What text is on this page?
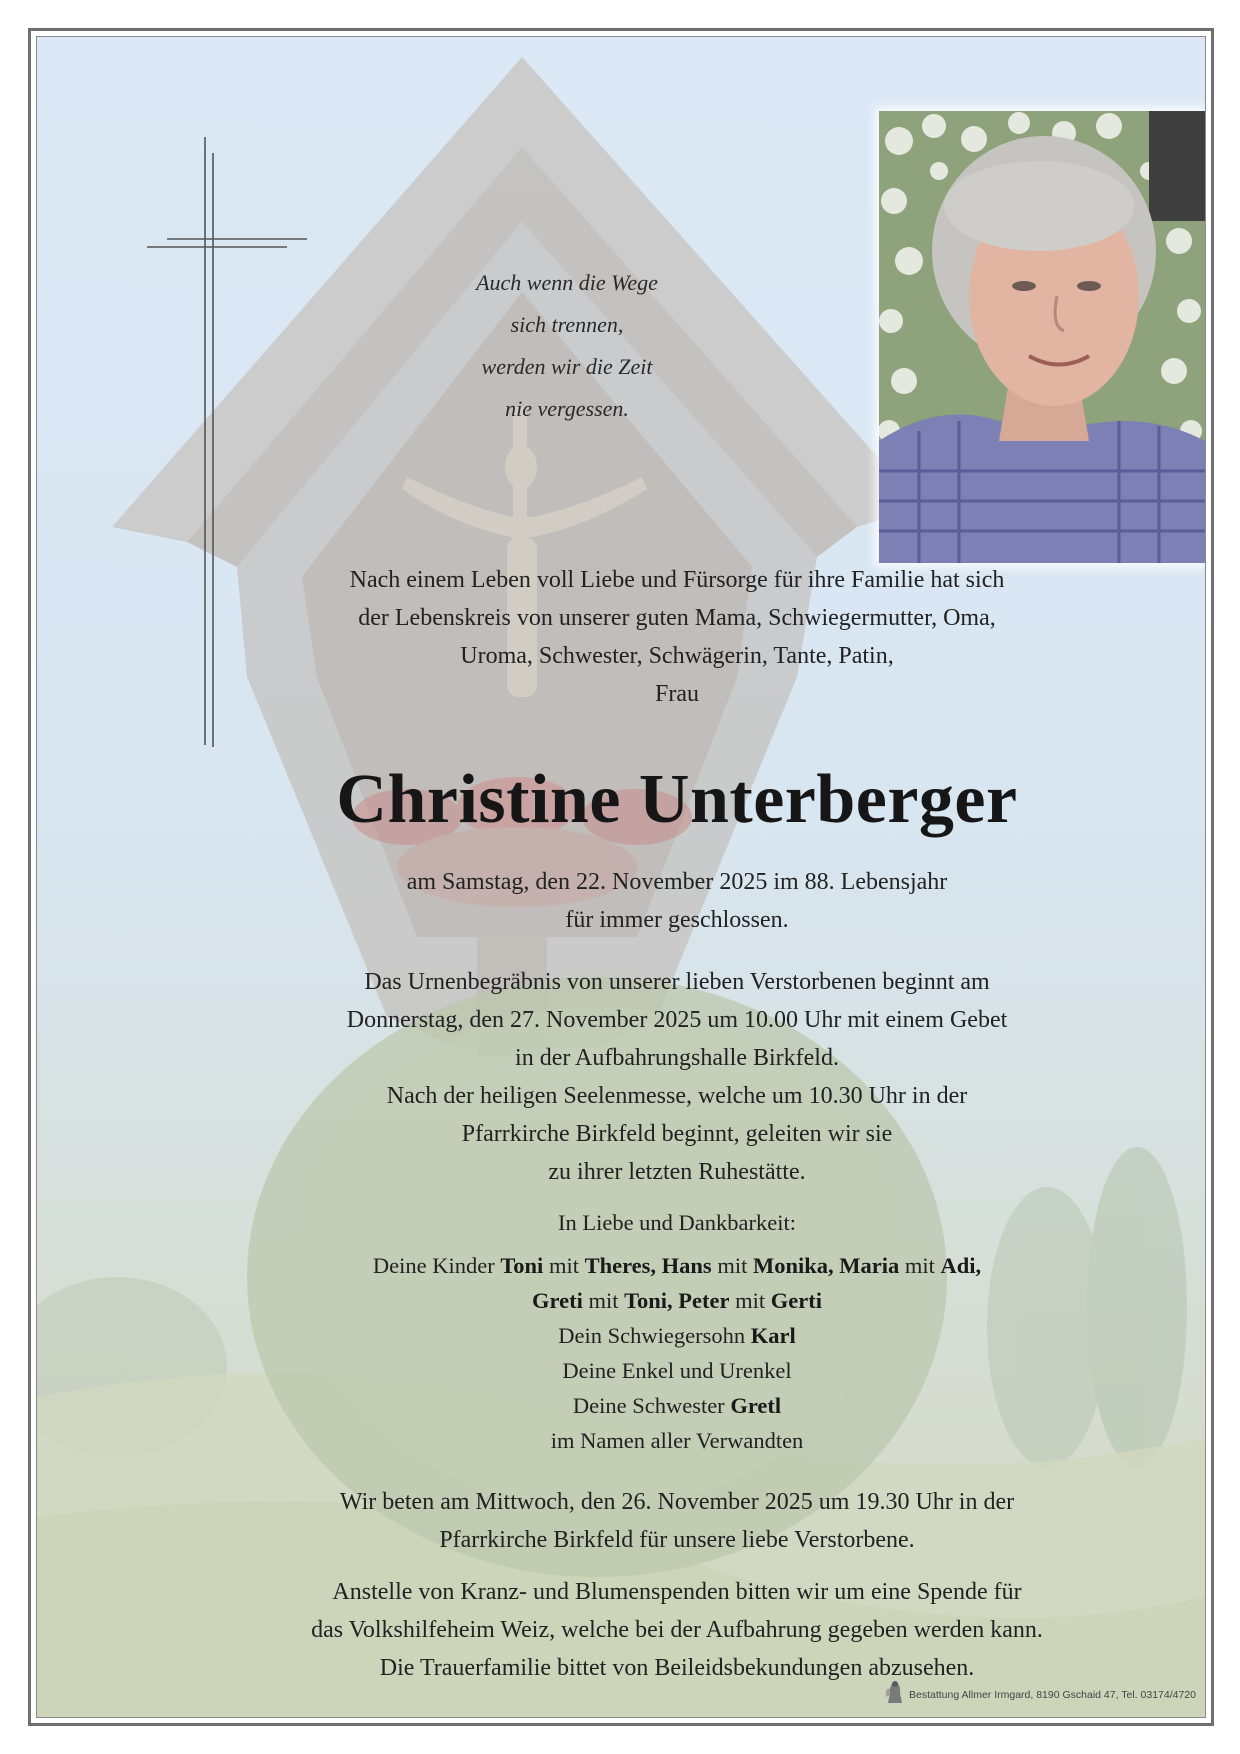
Auch wenn die Wege
sich trennen,
werden wir die Zeit
nie vergessen.
Nach einem Leben voll Liebe und Fürsorge für ihre Familie hat sich
der Lebenskreis von unserer guten Mama, Schwiegermutter, Oma,
Uroma, Schwester, Schwägerin, Tante, Patin,
Frau
Christine Unterberger
am Samstag, den 22. November 2025 im 88. Lebensjahr
für immer geschlossen.
Das Urnenbegräbnis von unserer lieben Verstorbenen beginnt am
Donnerstag, den 27. November 2025 um 10.00 Uhr mit einem Gebet
in der Aufbahrungshalle Birkfeld.
Nach der heiligen Seelenmesse, welche um 10.30 Uhr in der
Pfarrkirche Birkfeld beginnt, geleiten wir sie
zu ihrer letzten Ruhestätte.
In Liebe und Dankbarkeit:
Deine Kinder Toni mit Theres, Hans mit Monika, Maria mit Adi,
Greti mit Toni, Peter mit Gerti
Dein Schwiegersohn Karl
Deine Enkel und Urenkel
Deine Schwester Gretl
im Namen aller Verwandten
Wir beten am Mittwoch, den 26. November 2025 um 19.30 Uhr in der
Pfarrkirche Birkfeld für unsere liebe Verstorbene.
Anstelle von Kranz- und Blumenspenden bitten wir um eine Spende für
das Volkshilfeheim Weiz, welche bei der Aufbahrung gegeben werden kann.
Die Trauerfamilie bittet von Beileidsbekundungen abzusehen.
Bestattung Allmer Irmgard, 8190 Gschaid 47, Tel. 03174/4720
